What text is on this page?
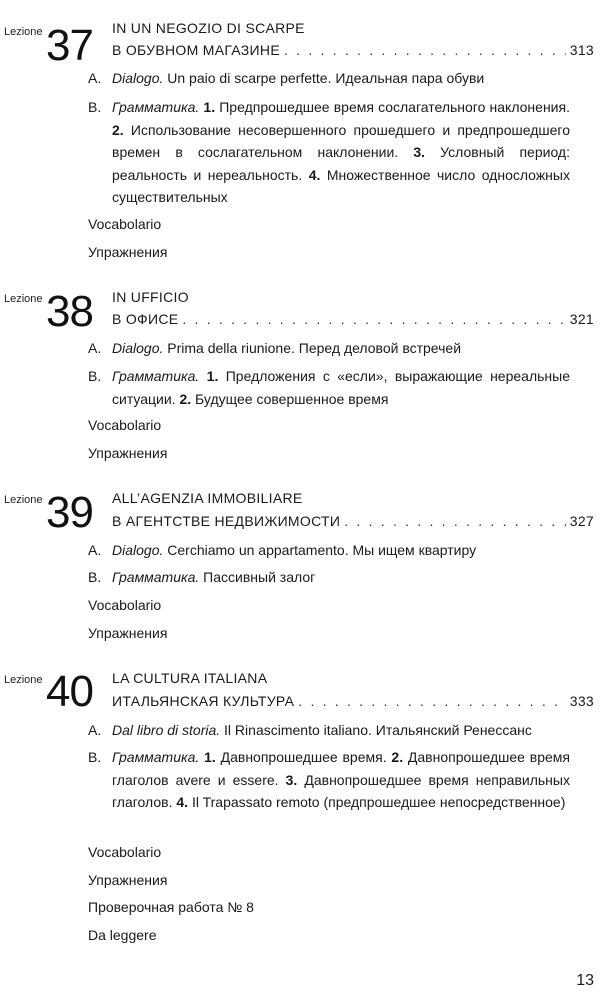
Lezione 37 IN UN NEGOZIO DI SCARPE
В ОБУВНОМ МАГАЗИНЕ . . .	313
A. Dialogo. Un paio di scarpe perfette. Идеальная пара обуви
B. Грамматика. 1. Предпрошедшее время сослагательного наклонения. 2. Использование несовершенного прошедшего и предпрошедшего времен в сослагательном наклонении. 3. Условный период: реальность и нереальность. 4. Множественное число односложных существительных
Vocabolario
Упражнения
Lezione 38 IN UFFICIO
В ОФИСЕ . . .	321
A. Dialogo. Prima della riunione. Перед деловой встречей
B. Грамматика. 1. Предложения с «если», выражающие нереальные ситуации. 2. Будущее совершенное время
Vocabolario
Упражнения
Lezione 39 ALL’AGENZIA IMMOBILIARE
В АГЕНТСТВЕ НЕДВИЖИМОСТИ . . .	327
A. Dialogo. Cerchiamo un appartamento. Мы ищем квартиру
B. Грамматика. Пассивный залог
Vocabolario
Упражнения
Lezione 40 LA CULTURA ITALIANA
ИТАЛЬЯНСКАЯ КУЛЬТУРА . . .	333
A. Dal libro di storia. Il Rinascimento italiano. Итальянский Ренессанс
B. Грамматика. 1. Давнопрошедшее время. 2. Давнопрошедшее время глаголов avere и essere. 3. Давнопрошедшее время неправильных глаголов. 4. Il Trapassato remoto (предпрошедшее непосредственное)
Vocabolario
Упражнения
Проверочная работа № 8
Da leggere
13
